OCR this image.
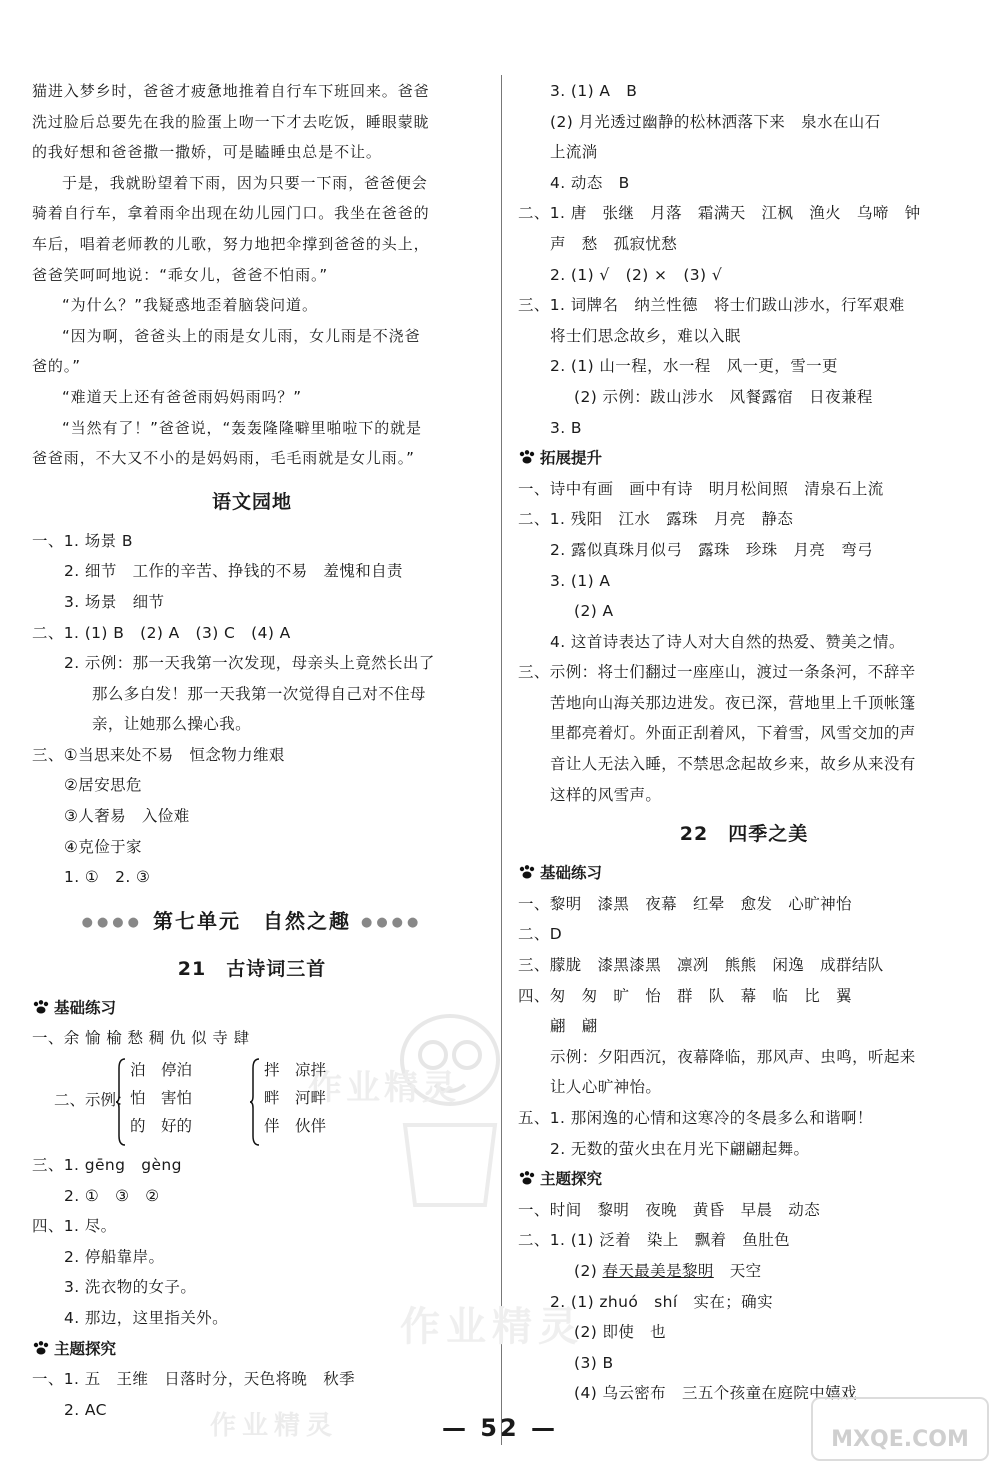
作业精灵
作业精灵
猫进入梦乡时，爸爸才疲惫地推着自行车下班回来。爸爸
洗过脸后总要先在我的脸蛋上吻一下才去吃饭，睡眼蒙眬
的我好想和爸爸撒一撒娇，可是瞌睡虫总是不让。
于是，我就盼望着下雨，因为只要一下雨，爸爸便会
骑着自行车，拿着雨伞出现在幼儿园门口。我坐在爸爸的
车后，唱着老师教的儿歌，努力地把伞撑到爸爸的头上，
爸爸笑呵呵地说：“乖女儿，爸爸不怕雨。”
“为什么？”我疑惑地歪着脑袋问道。
“因为啊，爸爸头上的雨是女儿雨，女儿雨是不浇爸
爸的。”
“难道天上还有爸爸雨妈妈雨吗？”
“当然有了！”爸爸说，“轰轰隆隆噼里啪啦下的就是
爸爸雨，不大又不小的是妈妈雨，毛毛雨就是女儿雨。”
语文园地
一、1. 场景 B
2. 细节　工作的辛苦、挣钱的不易　羞愧和自责
3. 场景　细节
二、1. (1) B　(2) A　(3) C　(4) A
2. 示例：那一天我第一次发现，母亲头上竟然长出了
那么多白发！那一天我第一次觉得自己对不住母
亲，让她那么操心我。
三、①当思来处不易　恒念物力维艰
②居安思危
③人奢易　入俭难
④克俭于家
1. ①　2. ③
●●●● 第七单元　自然之趣 ●●●●
21　古诗词三首
基础练习
一、余 愉 榆 愁 稠 仇 似 寺 肆
二、示例：
泊　停泊
怕　害怕
的　好的
拌　凉拌
畔　河畔
伴　伙伴
三、1. gēng　gèng
2. ①　③　②
四、1. 尽。
2. 停船靠岸。
3. 洗衣物的女子。
4. 那边，这里指关外。
主题探究
一、1. 五　王维　日落时分，天色将晚　秋季
2. AC
3. (1) A　B
(2) 月光透过幽静的松林洒落下来　泉水在山石
上流淌
4. 动态　B
二、1. 唐　张继　月落　霜满天　江枫　渔火　乌啼　钟
声　愁　孤寂忧愁
2. (1) √　(2) ×　(3) √
三、1. 词牌名　纳兰性德　将士们跋山涉水，行军艰难
将士们思念故乡，难以入眠
2. (1) 山一程，水一程　风一更，雪一更
(2) 示例：跋山涉水　风餐露宿　日夜兼程
3. B
拓展提升
一、诗中有画　画中有诗　明月松间照　清泉石上流
二、1. 残阳　江水　露珠　月亮　静态
2. 露似真珠月似弓　露珠　珍珠　月亮　弯弓
3. (1) A
(2) A
4. 这首诗表达了诗人对大自然的热爱、赞美之情。
三、示例：将士们翻过一座座山，渡过一条条河，不辞辛
苦地向山海关那边进发。夜已深，营地里上千顶帐篷
里都亮着灯。外面正刮着风，下着雪，风雪交加的声
音让人无法入睡，不禁思念起故乡来，故乡从来没有
这样的风雪声。
22　四季之美
基础练习
一、黎明　漆黑　夜幕　红晕　愈发　心旷神怡
二、D
三、朦胧　漆黑漆黑　凛冽　熊熊　闲逸　成群结队
四、匆　匆　旷　怡　群　队　幕　临　比　翼
翩　翩
示例：夕阳西沉，夜幕降临，那风声、虫鸣，听起来
让人心旷神怡。
五、1. 那闲逸的心情和这寒冷的冬晨多么和谐啊！
2. 无数的萤火虫在月光下翩翩起舞。
主题探究
一、时间　黎明　夜晚　黄昏　早晨　动态
二、1. (1) 泛着　染上　飘着　鱼肚色
(2) 春天最美是黎明　 天空
2. (1) zhuó　shí　实在；确实
(2) 即使　也
(3) B
(4) 乌云密布　三五个孩童在庭院中嬉戏
作业精灵	— 52 —	MXQE.COM
